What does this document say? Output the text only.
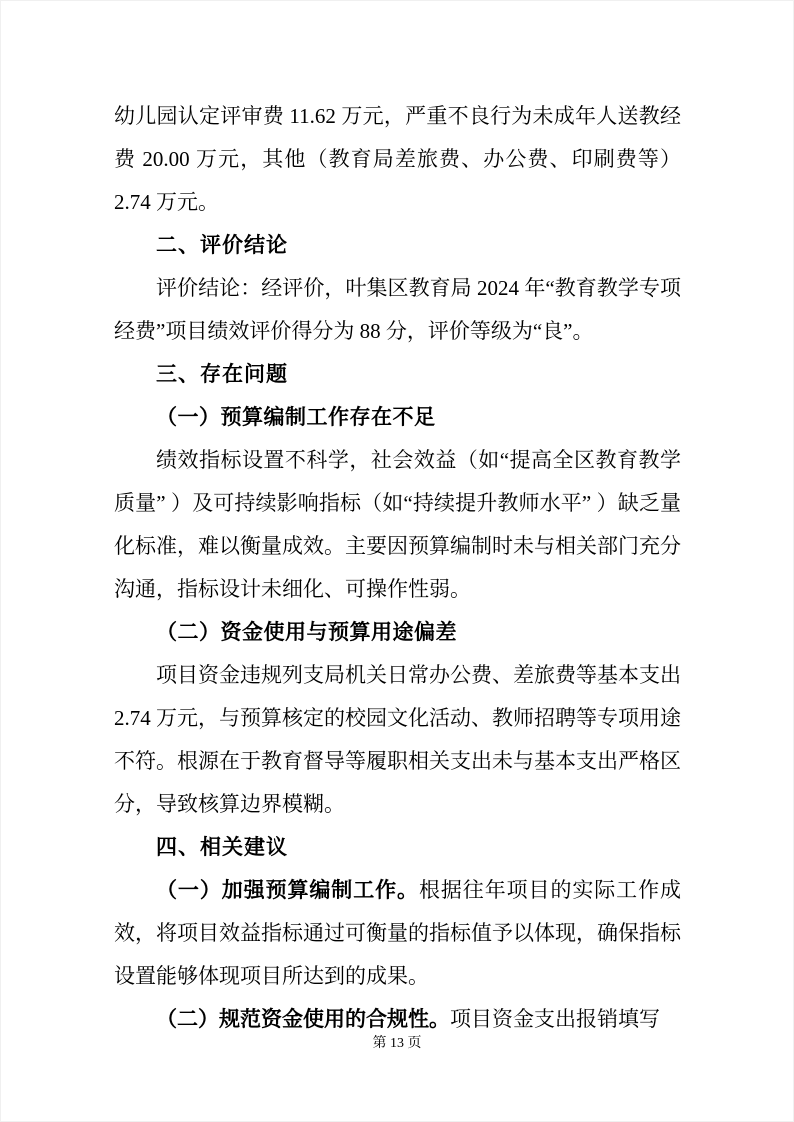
幼儿园认定评审费 11.62 万元，严重不良行为未成年人送教经费 20.00 万元，其他（教育局差旅费、办公费、印刷费等）2.74 万元。

二、评价结论

评价结论：经评价，叶集区教育局 2024 年“教育教学专项经费”项目绩效评价得分为 88 分，评价等级为“良”。

三、存在问题

（一）预算编制工作存在不足

绩效指标设置不科学，社会效益（如“提高全区教育教学质量” ）及可持续影响指标（如“持续提升教师水平” ）缺乏量化标准，难以衡量成效。主要因预算编制时未与相关部门充分沟通，指标设计未细化、可操作性弱。

（二）资金使用与预算用途偏差

项目资金违规列支局机关日常办公费、差旅费等基本支出 2.74 万元，与预算核定的校园文化活动、教师招聘等专项用途不符。根源在于教育督导等履职相关支出未与基本支出严格区分，导致核算边界模糊。

四、相关建议

（一）加强预算编制工作。根据往年项目的实际工作成效，将项目效益指标通过可衡量的指标值予以体现，确保指标设置能够体现项目所达到的成果。

（二）规范资金使用的合规性。项目资金支出报销填写

第 13 页
